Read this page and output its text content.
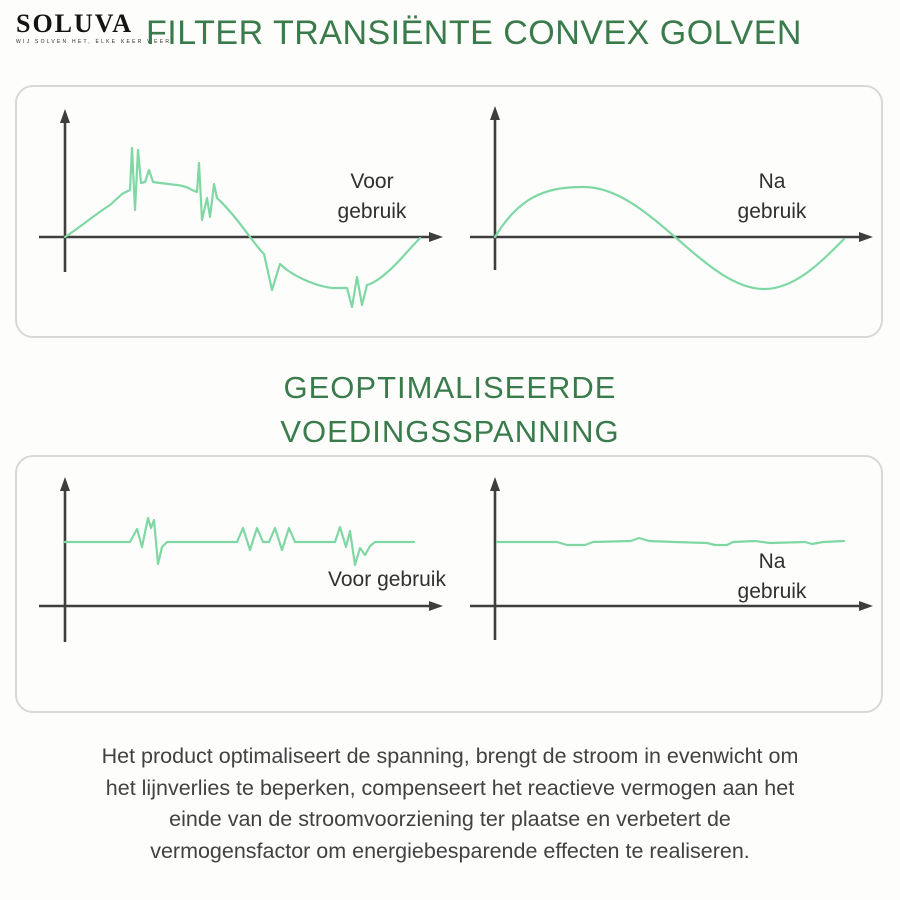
SOLUVA
WIJ SOLVEN HET, ELKE KEER WEER!
FILTER TRANSIËNTE CONVEX GOLVEN
Voor
gebruik
Na
gebruik
GEOPTIMALISEERDE
VOEDINGSSPANNING
Voor gebruik
Na
gebruik
Het product optimaliseert de spanning, brengt de stroom in evenwicht om
het lijnverlies te beperken, compenseert het reactieve vermogen aan het
einde van de stroomvoorziening ter plaatse en verbetert de
vermogensfactor om energiebesparende effecten te realiseren.
